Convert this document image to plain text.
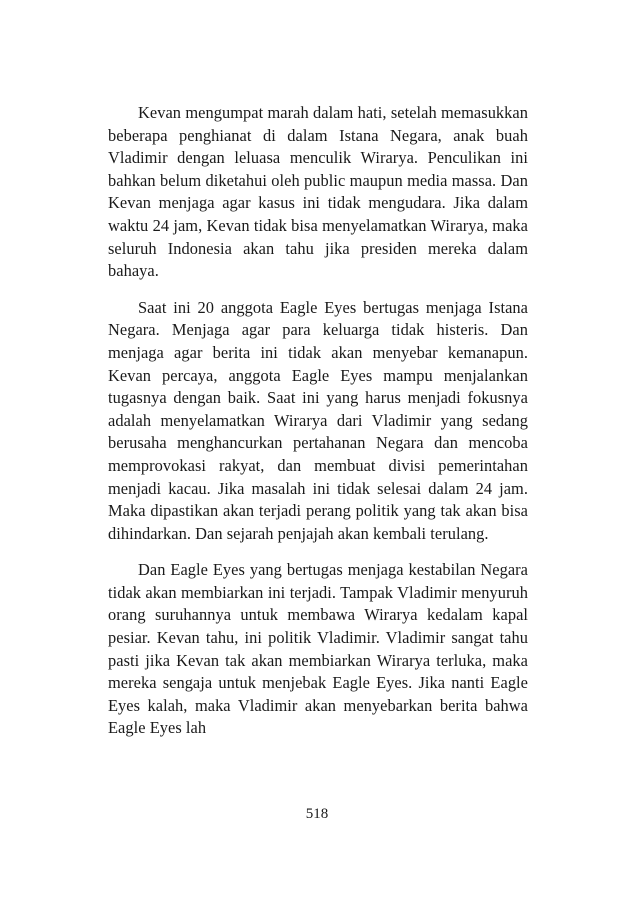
Kevan mengumpat marah dalam hati, setelah memasukkan beberapa penghianat di dalam Istana Negara, anak buah Vladimir dengan leluasa menculik Wirarya. Penculikan ini bahkan belum diketahui oleh public maupun media massa. Dan Kevan menjaga agar kasus ini tidak mengudara. Jika dalam waktu 24 jam, Kevan tidak bisa menyelamatkan Wirarya, maka seluruh Indonesia akan tahu jika presiden mereka dalam bahaya.

Saat ini 20 anggota Eagle Eyes bertugas menjaga Istana Negara. Menjaga agar para keluarga tidak histeris. Dan menjaga agar berita ini tidak akan menyebar kemanapun. Kevan percaya, anggota Eagle Eyes mampu menjalankan tugasnya dengan baik. Saat ini yang harus menjadi fokusnya adalah menyelamatkan Wirarya dari Vladimir yang sedang berusaha menghancurkan pertahanan Negara dan mencoba memprovokasi rakyat, dan membuat divisi pemerintahan menjadi kacau. Jika masalah ini tidak selesai dalam 24 jam. Maka dipastikan akan terjadi perang politik yang tak akan bisa dihindarkan. Dan sejarah penjajah akan kembali terulang.

Dan Eagle Eyes yang bertugas menjaga kestabilan Negara tidak akan membiarkan ini terjadi. Tampak Vladimir menyuruh orang suruhannya untuk membawa Wirarya kedalam kapal pesiar. Kevan tahu, ini politik Vladimir. Vladimir sangat tahu pasti jika Kevan tak akan membiarkan Wirarya terluka, maka mereka sengaja untuk menjebak Eagle Eyes. Jika nanti Eagle Eyes kalah, maka Vladimir akan menyebarkan berita bahwa Eagle Eyes lah

518
